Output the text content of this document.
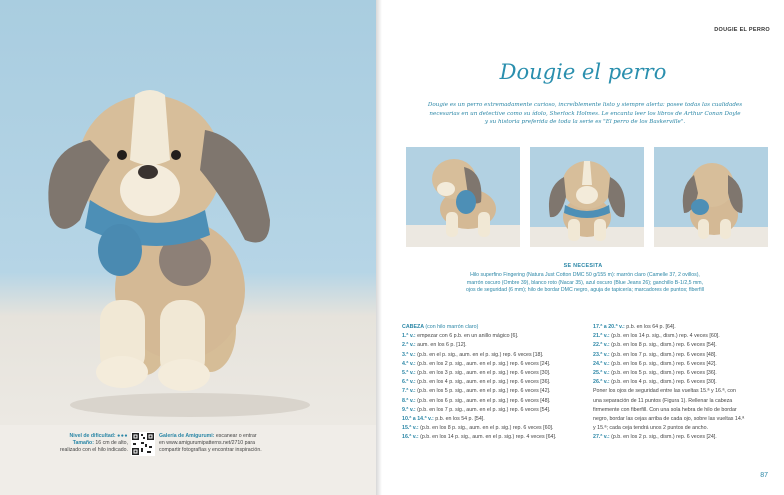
Nivel de dificultad: ●●●
Tamaño: 16 cm de alto,
realizado con el hilo indicado.
Galería de Amigurumi: escanear o entrar
en www.amigurumipatterns.net/2710 para
compartir fotografías y encontrar inspiración.
DOUGIE EL PERRO
Dougie el perro
Dougie es un perro extremadamente curioso, increíblemente listo y siempre alerta: posee todas las cualidades
necesarias en un detective como su ídolo, Sherlock Holmes. Le encanta leer los libros de Arthur Conan Doyle
y su historia preferida de toda la serie es "El perro de los Baskerville".
SE NECESITA
Hilo superfino Fingering (Natura Just Cotton DMC 50 g/155 m): marrón claro (Camelle 37, 2 ovillos),
marrón oscuro (Ombre 39), blanco roto (Nacar 35), azul oscuro (Blue Jeans 26); ganchillo B-1/2,5 mm,
ojos de seguridad (6 mm); hilo de bordar DMC negro, aguja de tapicería; marcadores de puntos; fiberfill
CABEZA (con hilo marrón claro)
1.ª v.: empezar con 6 p.b. en un anillo mágico [6].
2.ª v.: aum. en los 6 p. [12].
3.ª v.: (p.b. en el p. sig., aum. en el p. sig.) rep. 6 veces [18].
4.ª v.: (p.b. en los 2 p. sig., aum. en el p. sig.) rep. 6 veces [24].
5.ª v.: (p.b. en los 3 p. sig., aum. en el p. sig.) rep. 6 veces [30].
6.ª v.: (p.b. en los 4 p. sig., aum. en el p. sig.) rep. 6 veces [36].
7.ª v.: (p.b. en los 5 p. sig., aum. en el p. sig.) rep. 6 veces [42].
8.ª v.: (p.b. en los 6 p. sig., aum. en el p. sig.) rep. 6 veces [48].
9.ª v.: (p.b. en los 7 p. sig., aum. en el p. sig.) rep. 6 veces [54].
10.ª a 14.ª v.: p.b. en los 54 p. [54].
15.ª v.: (p.b. en los 8 p. sig., aum. en el p. sig.) rep. 6 veces [60].
16.ª v.: (p.b. en los 14 p. sig., aum. en el p. sig.) rep. 4 veces [64].
17.ª a 20.ª v.: p.b. en los 64 p. [64].
21.ª v.: (p.b. en los 14 p. sig., dism.) rep. 4 veces [60].
22.ª v.: (p.b. en los 8 p. sig., dism.) rep. 6 veces [54].
23.ª v.: (p.b. en los 7 p. sig., dism.) rep. 6 veces [48].
24.ª v.: (p.b. en los 6 p. sig., dism.) rep. 6 veces [42].
25.ª v.: (p.b. en los 5 p. sig., dism.) rep. 6 veces [36].
26.ª v.: (p.b. en los 4 p. sig., dism.) rep. 6 veces [30].
Poner los ojos de seguridad entre las vueltas 15.ª y 16.ª, con
una separación de 11 puntos (Figura 1). Rellenar la cabeza
firmemente con fiberfill. Con una sola hebra de hilo de bordar
negro, bordar las cejas arriba de cada ojo, sobre las vueltas 14.ª
y 15.ª; cada ceja tendrá unos 2 puntos de ancho.
27.ª v.: (p.b. en los 2 p. sig., dism.) rep. 6 veces [24].
87
